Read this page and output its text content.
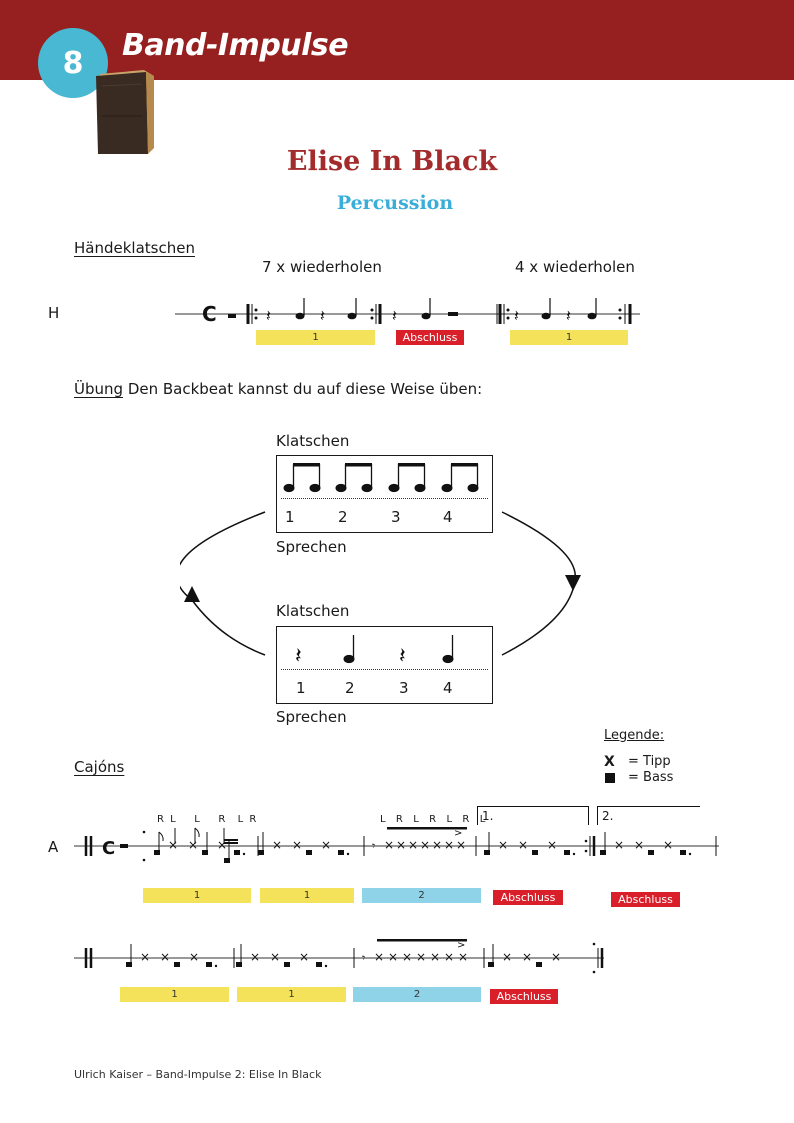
8	Band-Impulse
Elise In Black
Percussion
Händeklatschen
7 x wiederholen	4 x wiederholen
H	C	𝄽	𝄽	𝄽	𝄽	𝄽
1	Abschluss	1
Übung Den Backbeat kannst du auf diese Weise üben:
Klatschen
1	2	3	4
Sprechen
Klatschen
𝄽	𝄽
1	2	3 4
Sprechen
Cajóns
Legende:
X = Tipp
= Bass
A
R L   L   R  L R	L  R  L  R  L  R  L
1.	2.
C	× × ×	× × ×	𝄾 × × × × × × ×
>
× × ×	× × ×
1	1	2	Abschluss	Abschluss
× × ×	× × ×	𝄾 × × × × × × ×
>
× × ×
1	1	2	Abschluss
Ulrich Kaiser – Band-Impulse 2: Elise In Black
